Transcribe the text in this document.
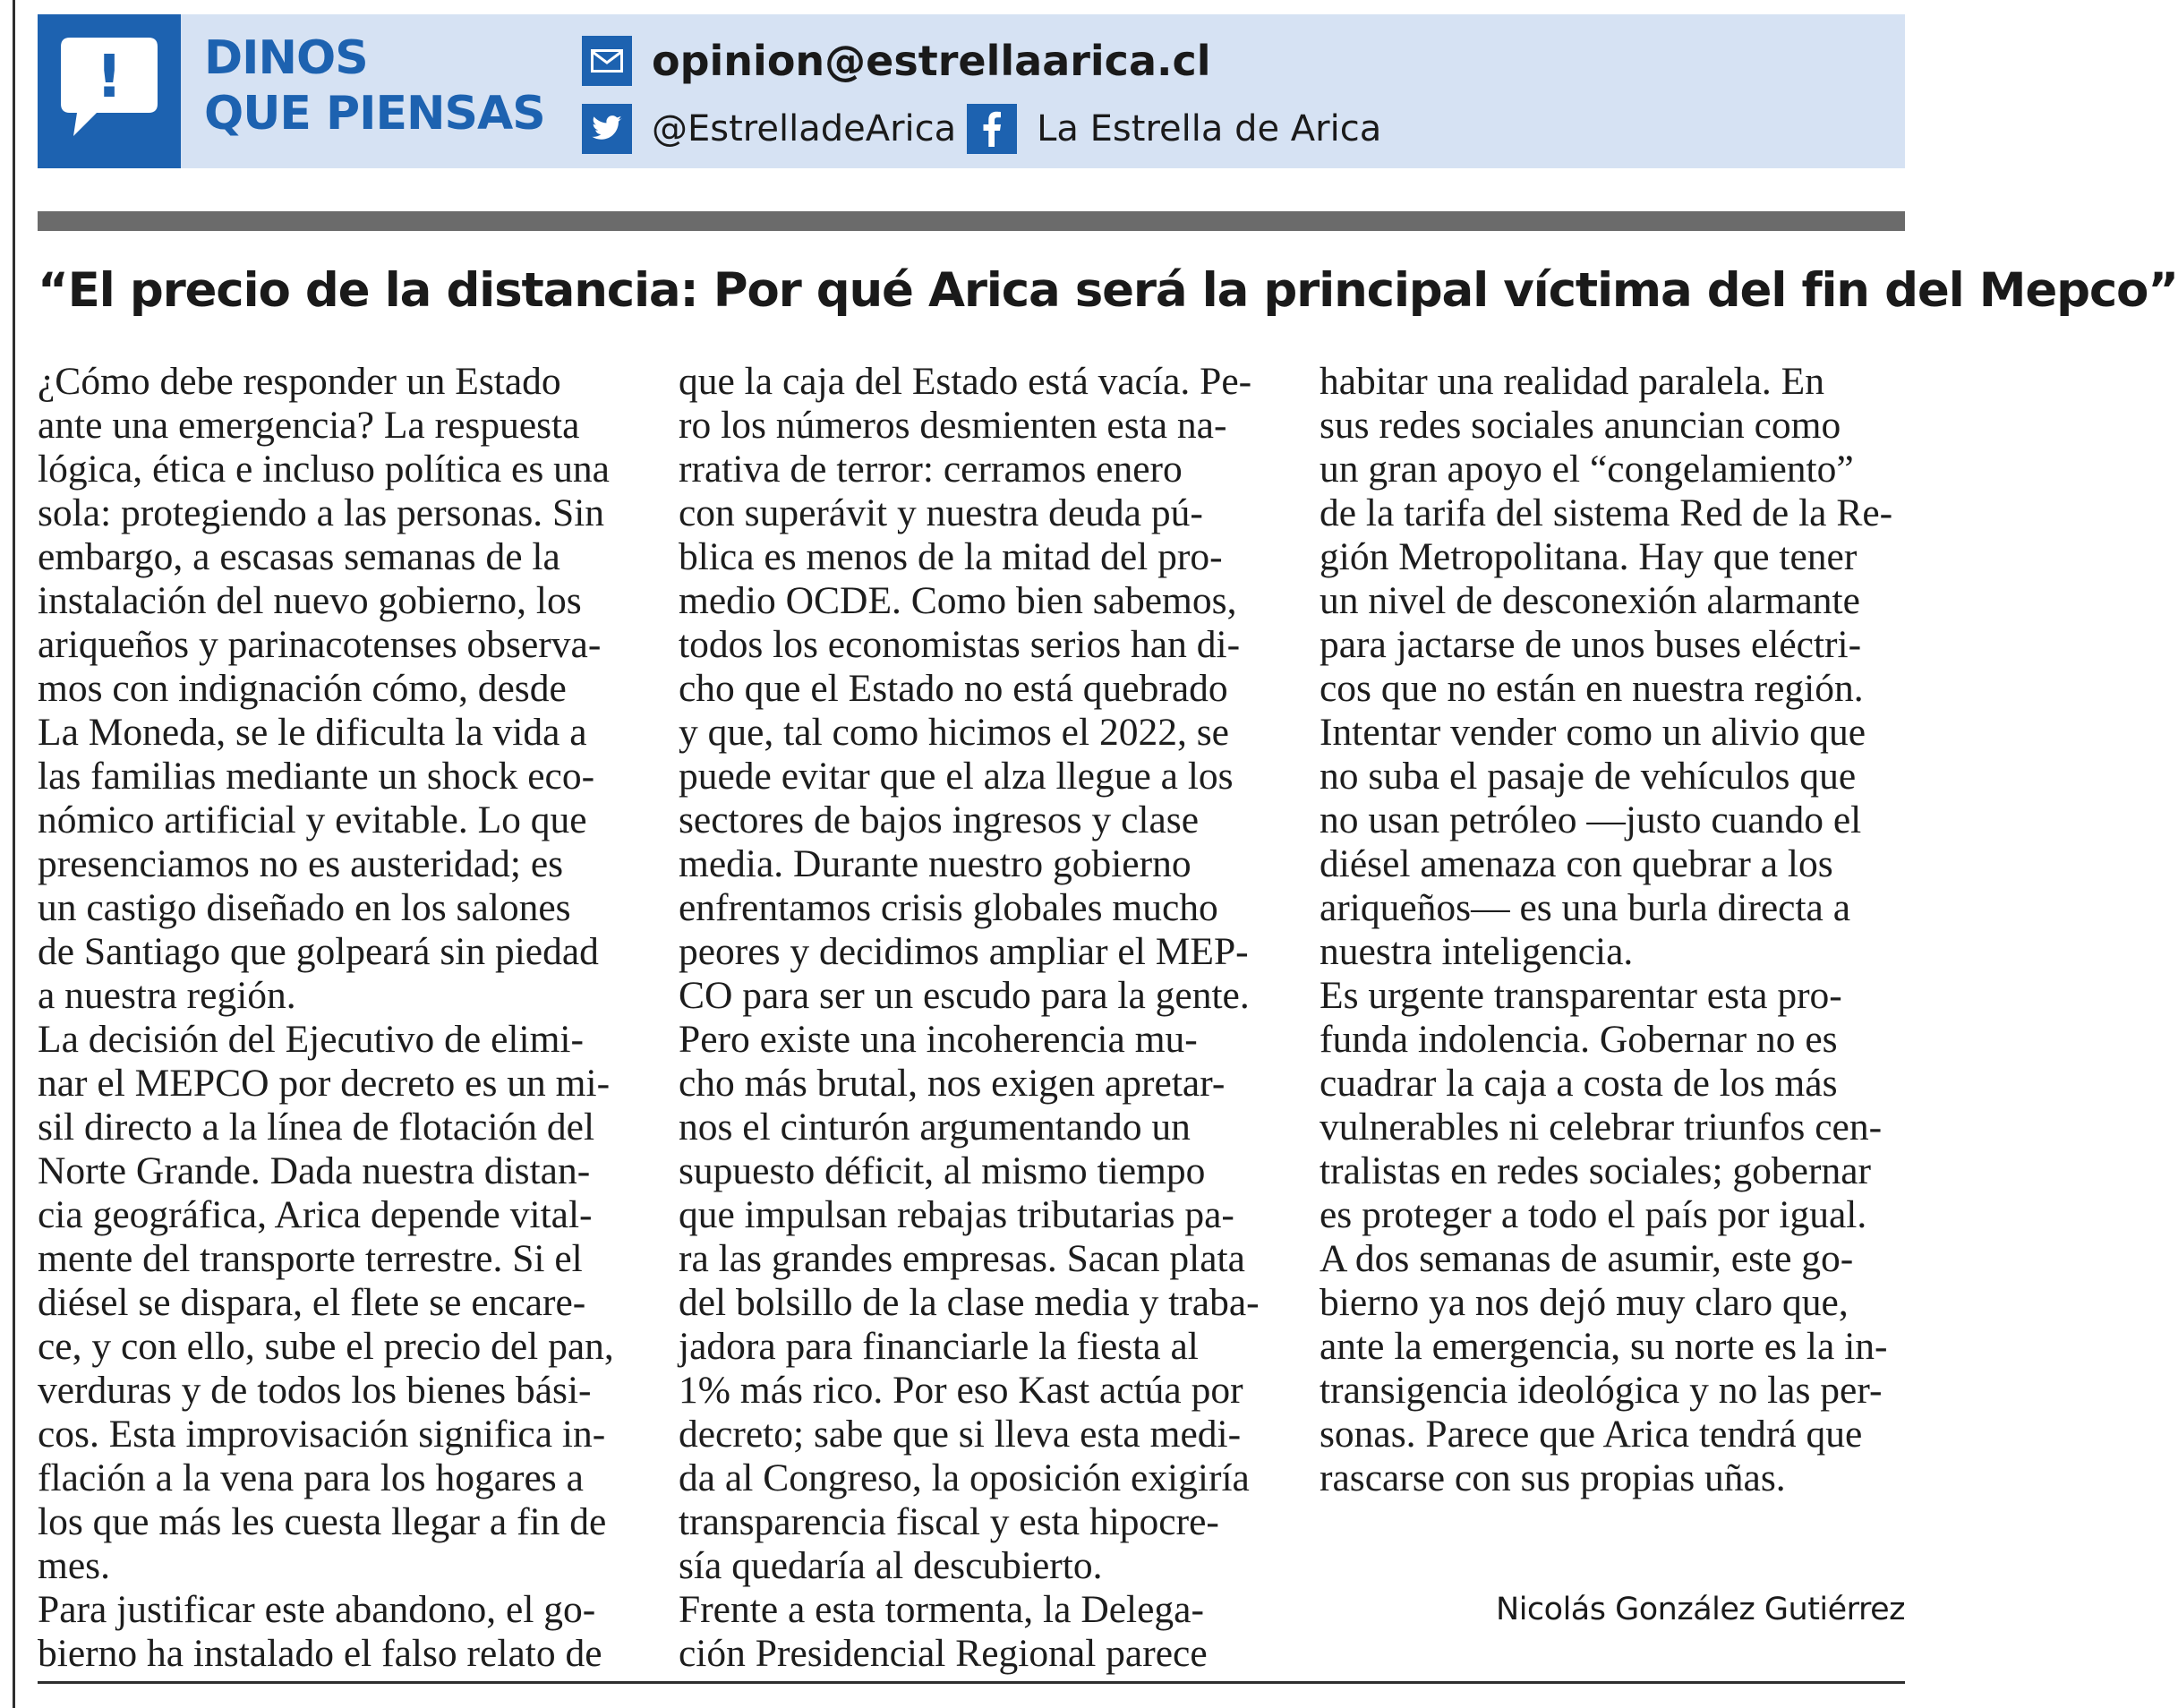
! DINOS
QUE PIENSAS
opinion@estrellaarica.cl
@EstrelladeArica La Estrella de Arica
“El precio de la distancia: Por qué Arica será la principal víctima del fin del Mepco”
¿Cómo debe responder un Estado
ante una emergencia? La respuesta
lógica, ética e incluso política es una
sola: protegiendo a las personas. Sin
embargo, a escasas semanas de la
instalación del nuevo gobierno, los
ariqueños y parinacotenses observa-
mos con indignación cómo, desde
La Moneda, se le dificulta la vida a
las familias mediante un shock eco-
nómico artificial y evitable. Lo que
presenciamos no es austeridad; es
un castigo diseñado en los salones
de Santiago que golpeará sin piedad
a nuestra región.
La decisión del Ejecutivo de elimi-
nar el MEPCO por decreto es un mi-
sil directo a la línea de flotación del
Norte Grande. Dada nuestra distan-
cia geográfica, Arica depende vital-
mente del transporte terrestre. Si el
diésel se dispara, el flete se encare-
ce, y con ello, sube el precio del pan,
verduras y de todos los bienes bási-
cos. Esta improvisación significa in-
flación a la vena para los hogares a
los que más les cuesta llegar a fin de
mes.
Para justificar este abandono, el go-
bierno ha instalado el falso relato de
que la caja del Estado está vacía. Pe-
ro los números desmienten esta na-
rrativa de terror: cerramos enero
con superávit y nuestra deuda pú-
blica es menos de la mitad del pro-
medio OCDE. Como bien sabemos,
todos los economistas serios han di-
cho que el Estado no está quebrado
y que, tal como hicimos el 2022, se
puede evitar que el alza llegue a los
sectores de bajos ingresos y clase
media. Durante nuestro gobierno
enfrentamos crisis globales mucho
peores y decidimos ampliar el MEP-
CO para ser un escudo para la gente.
Pero existe una incoherencia mu-
cho más brutal, nos exigen apretar-
nos el cinturón argumentando un
supuesto déficit, al mismo tiempo
que impulsan rebajas tributarias pa-
ra las grandes empresas. Sacan plata
del bolsillo de la clase media y traba-
jadora para financiarle la fiesta al
1% más rico. Por eso Kast actúa por
decreto; sabe que si lleva esta medi-
da al Congreso, la oposición exigiría
transparencia fiscal y esta hipocre-
sía quedaría al descubierto.
Frente a esta tormenta, la Delega-
ción Presidencial Regional parece
habitar una realidad paralela. En
sus redes sociales anuncian como
un gran apoyo el “congelamiento”
de la tarifa del sistema Red de la Re-
gión Metropolitana. Hay que tener
un nivel de desconexión alarmante
para jactarse de unos buses eléctri-
cos que no están en nuestra región.
Intentar vender como un alivio que
no suba el pasaje de vehículos que
no usan petróleo —justo cuando el
diésel amenaza con quebrar a los
ariqueños— es una burla directa a
nuestra inteligencia.
Es urgente transparentar esta pro-
funda indolencia. Gobernar no es
cuadrar la caja a costa de los más
vulnerables ni celebrar triunfos cen-
tralistas en redes sociales; gobernar
es proteger a todo el país por igual.
A dos semanas de asumir, este go-
bierno ya nos dejó muy claro que,
ante la emergencia, su norte es la in-
transigencia ideológica y no las per-
sonas. Parece que Arica tendrá que
rascarse con sus propias uñas.
Nicolás González Gutiérrez
